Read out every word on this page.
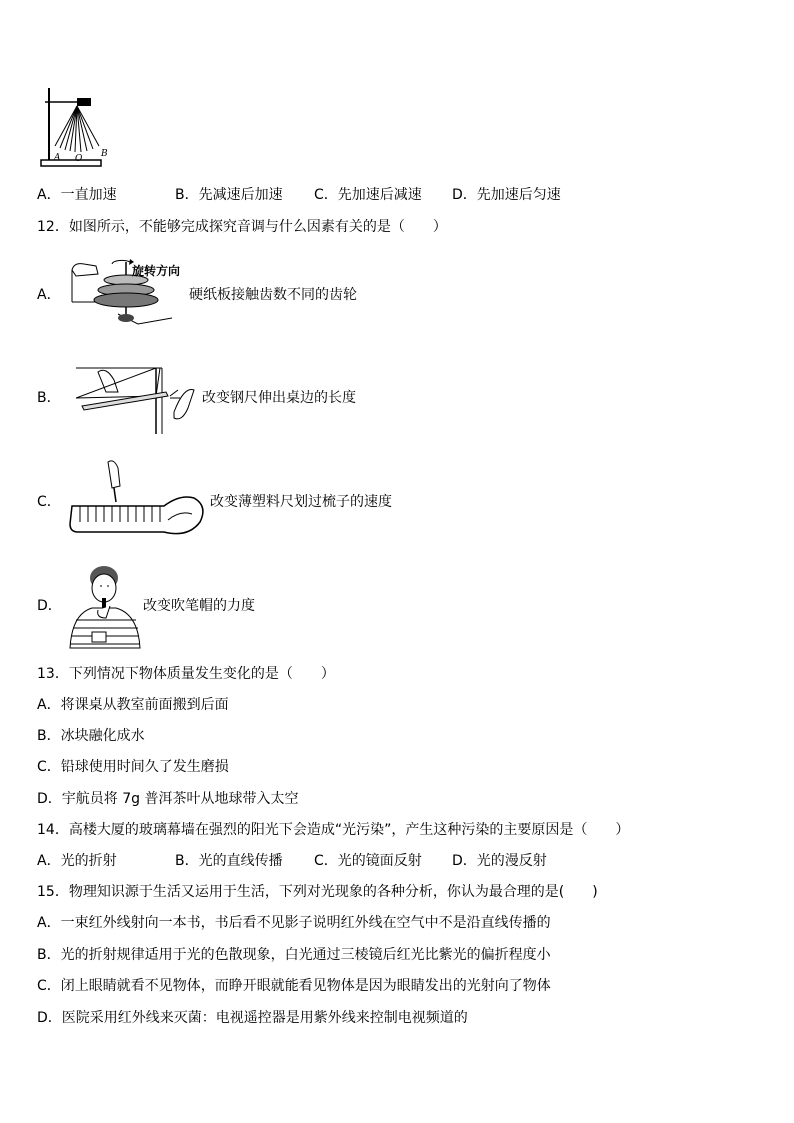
A O B
A．一直加速	B．先减速后加速 C．先加速后减速 D．先加速后匀速
12．如图所示，不能够完成探究音调与什么因素有关的是（　　）
A．
旋转方向
硬纸板接触齿数不同的齿轮
B．	改变钢尺伸出桌边的长度
C．	改变薄塑料尺划过梳子的速度
D．	改变吹笔帽的力度
13．下列情况下物体质量发生变化的是（　　）
A．将课桌从教室前面搬到后面
B．冰块融化成水
C．铅球使用时间久了发生磨损
D．宇航员将 7g 普洱茶叶从地球带入太空
14．高楼大厦的玻璃幕墙在强烈的阳光下会造成“光污染”，产生这种污染的主要原因是（　　）
A．光的折射	B．光的直线传播 C．光的镜面反射 D．光的漫反射
15．物理知识源于生活又运用于生活，下列对光现象的各种分析，你认为最合理的是(　　)
A．一束红外线射向一本书，书后看不见影子说明红外线在空气中不是沿直线传播的
B．光的折射规律适用于光的色散现象，白光通过三棱镜后红光比紫光的偏折程度小
C．闭上眼睛就看不见物体，而睁开眼就能看见物体是因为眼睛发出的光射向了物体
D．医院采用红外线来灭菌：电视遥控器是用紫外线来控制电视频道的
